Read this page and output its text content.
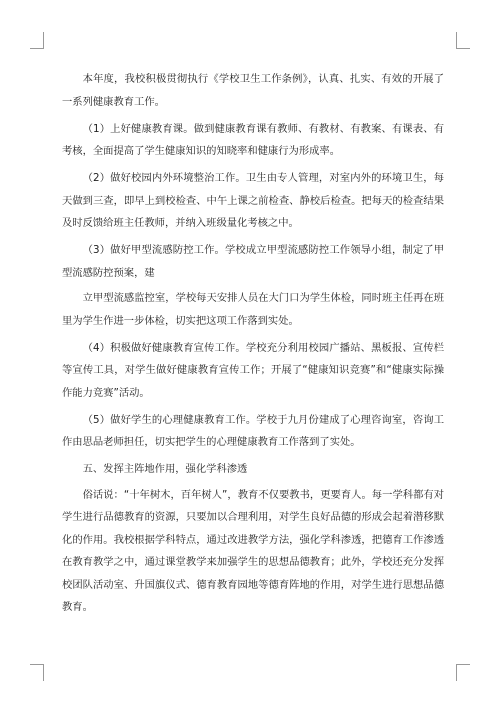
本年度，我校积极贯彻执行《学校卫生工作条例》，认真、扎实、有效的开展了一系列健康教育工作。

（1）上好健康教育课。做到健康教育课有教师、有教材、有教案、有课表、有考核，全面提高了学生健康知识的知晓率和健康行为形成率。

（2）做好校园内外环境整治工作。卫生由专人管理，对室内外的环境卫生，每天做到三查，即早上到校检查、中午上课之前检查、静校后检查。把每天的检查结果及时反馈给班主任教师，并纳入班级量化考核之中。

（3）做好甲型流感防控工作。学校成立甲型流感防控工作领导小组，制定了甲型流感防控预案，建

立甲型流感监控室，学校每天安排人员在大门口为学生体检，同时班主任再在班里为学生作进一步体检，切实把这项工作落到实处。

（4）积极做好健康教育宣传工作。学校充分利用校园广播站、黑板报、宣传栏等宣传工具，对学生做好健康教育宣传工作；开展了“健康知识竞赛”和“健康实际操作能力竞赛”活动。

（5）做好学生的心理健康教育工作。学校于九月份建成了心理咨询室，咨询工作由思品老师担任，切实把学生的心理健康教育工作落到了实处。

五、发挥主阵地作用，强化学科渗透

俗话说：“十年树木，百年树人”，教育不仅要教书，更要育人。每一学科都有对学生进行品德教育的资源，只要加以合理利用，对学生良好品德的形成会起着潜移默化的作用。我校根据学科特点，通过改进教学方法，强化学科渗透，把德育工作渗透在教育教学之中，通过课堂教学来加强学生的思想品德教育；此外，学校还充分发挥校团队活动室、升国旗仪式、德育教育园地等德育阵地的作用，对学生进行思想品德教育。
